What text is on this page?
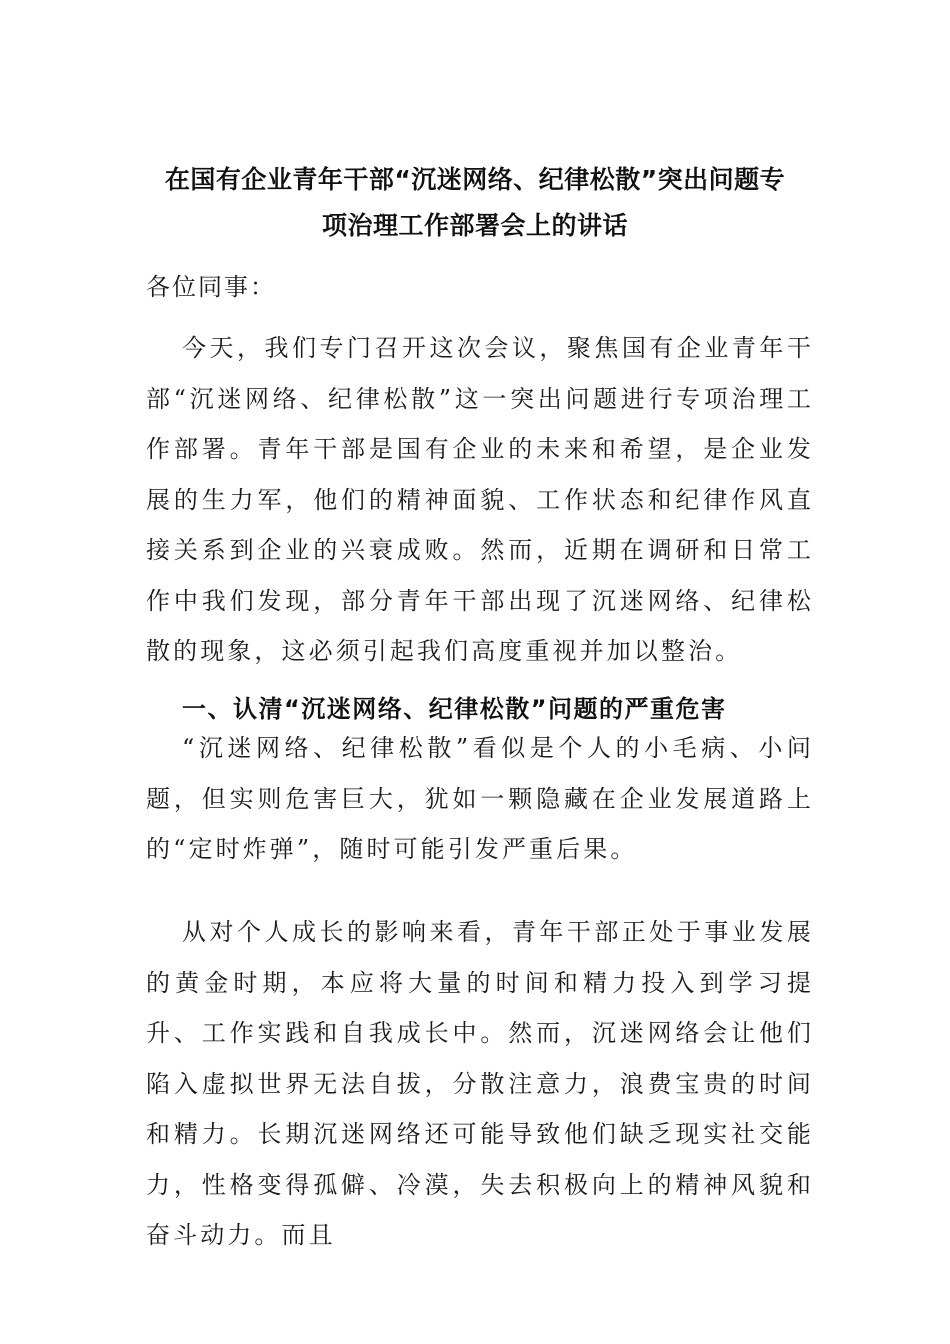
在国有企业青年干部“沉迷网络、纪律松散”突出问题专
项治理工作部署会上的讲话
各位同事：

今天，我们专门召开这次会议，聚焦国有企业青年干部“沉迷网络、纪律松散”这一突出问题进行专项治理工作部署。青年干部是国有企业的未来和希望，是企业发展的生力军，他们的精神面貌、工作状态和纪律作风直接关系到企业的兴衰成败。然而，近期在调研和日常工作中我们发现，部分青年干部出现了沉迷网络、纪律松散的现象，这必须引起我们高度重视并加以整治。

一、认清“沉迷网络、纪律松散”问题的严重危害

“沉迷网络、纪律松散”看似是个人的小毛病、小问题，但实则危害巨大，犹如一颗隐藏在企业发展道路上的“定时炸弹”，随时可能引发严重后果。

从对个人成长的影响来看，青年干部正处于事业发展的黄金时期，本应将大量的时间和精力投入到学习提升、工作实践和自我成长中。然而，沉迷网络会让他们陷入虚拟世界无法自拔，分散注意力，浪费宝贵的时间和精力。长期沉迷网络还可能导致他们缺乏现实社交能力，性格变得孤僻、冷漠，失去积极向上的精神风貌和奋斗动力。而且
